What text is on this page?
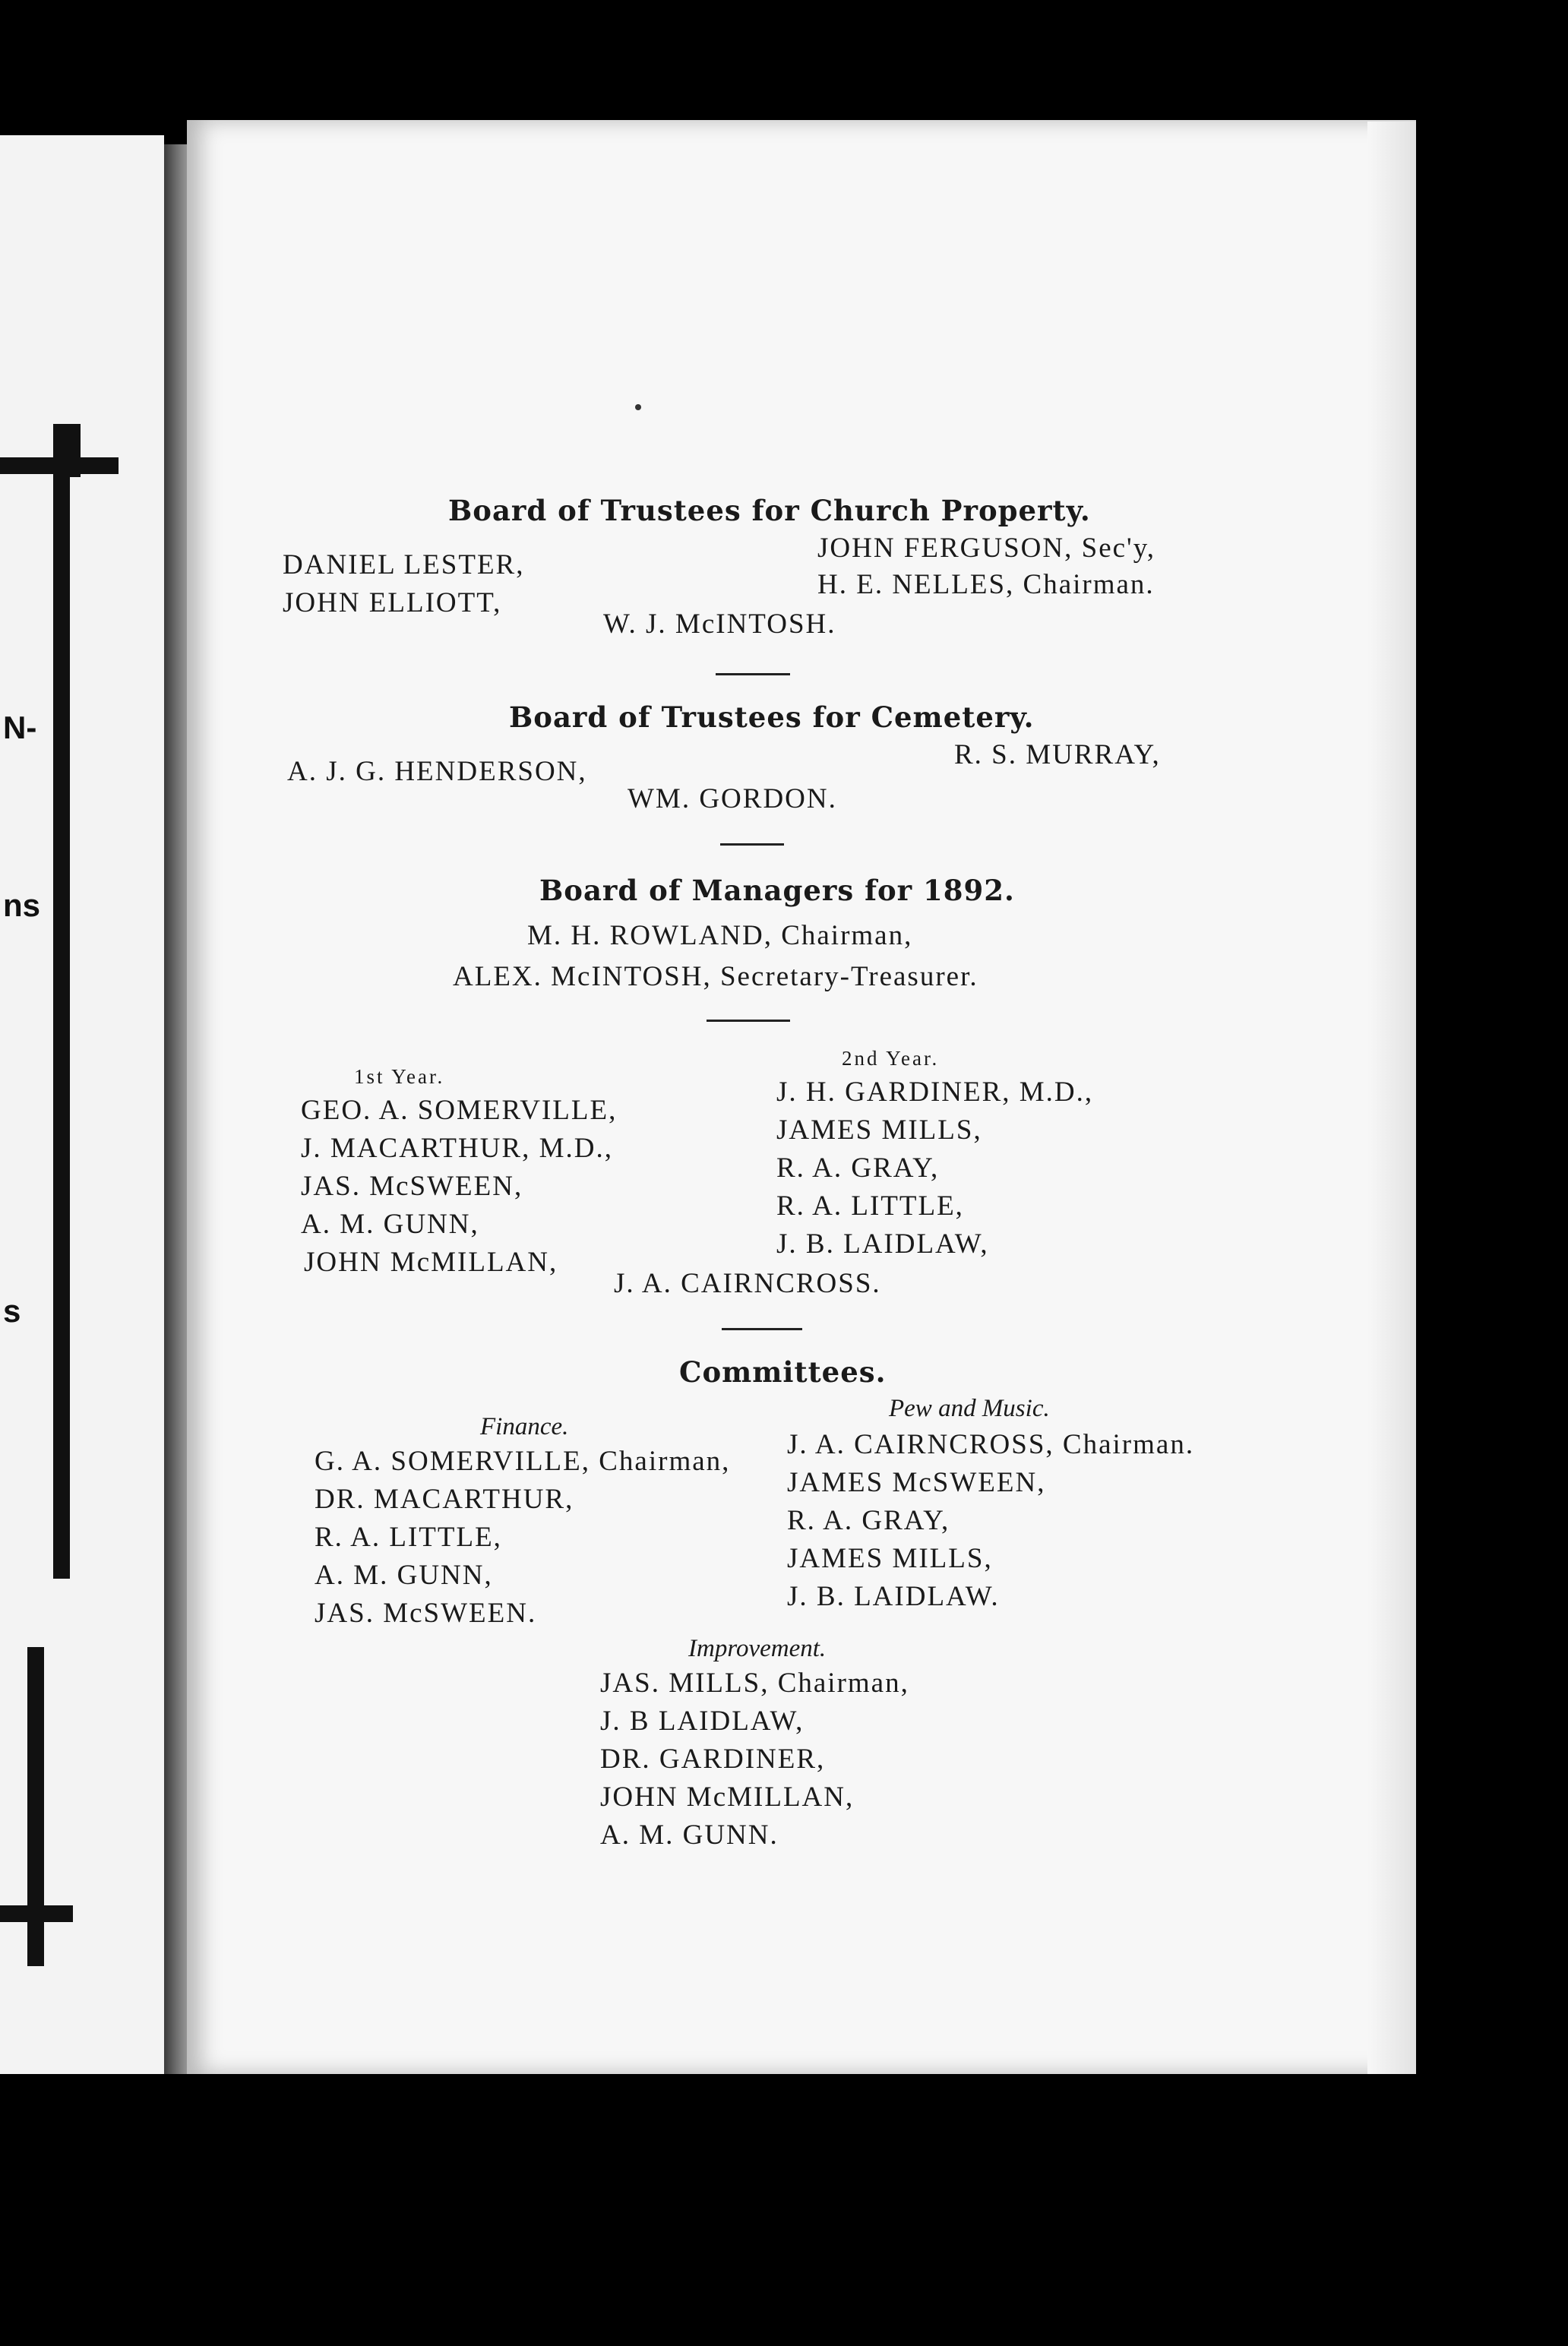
N-
ns
s
Board of Trustees for Church Property.
DANIEL LESTER,
JOHN ELLIOTT,
JOHN FERGUSON, Sec'y,
H. E. NELLES, Chairman.
W. J. McINTOSH.
Board of Trustees for Cemetery.
A. J. G. HENDERSON,
R. S. MURRAY,
WM. GORDON.
Board of Managers for 1892.
M. H. ROWLAND, Chairman,
ALEX. McINTOSH, Secretary-Treasurer.
1st Year.
GEO. A. SOMERVILLE,
J. MACARTHUR, M.D.,
JAS. McSWEEN,
A. M. GUNN,
JOHN McMILLAN,
2nd Year.
J. H. GARDINER, M.D.,
JAMES MILLS,
R. A. GRAY,
R. A. LITTLE,
J. B. LAIDLAW,
J. A. CAIRNCROSS.
Committees.
Finance.
G. A. SOMERVILLE, Chairman,
DR. MACARTHUR,
R. A. LITTLE,
A. M. GUNN,
JAS. McSWEEN.
Pew and Music.
J. A. CAIRNCROSS, Chairman.
JAMES McSWEEN,
R. A. GRAY,
JAMES MILLS,
J. B. LAIDLAW.
Improvement.
JAS. MILLS, Chairman,
J. B LAIDLAW,
DR. GARDINER,
JOHN McMILLAN,
A. M. GUNN.
